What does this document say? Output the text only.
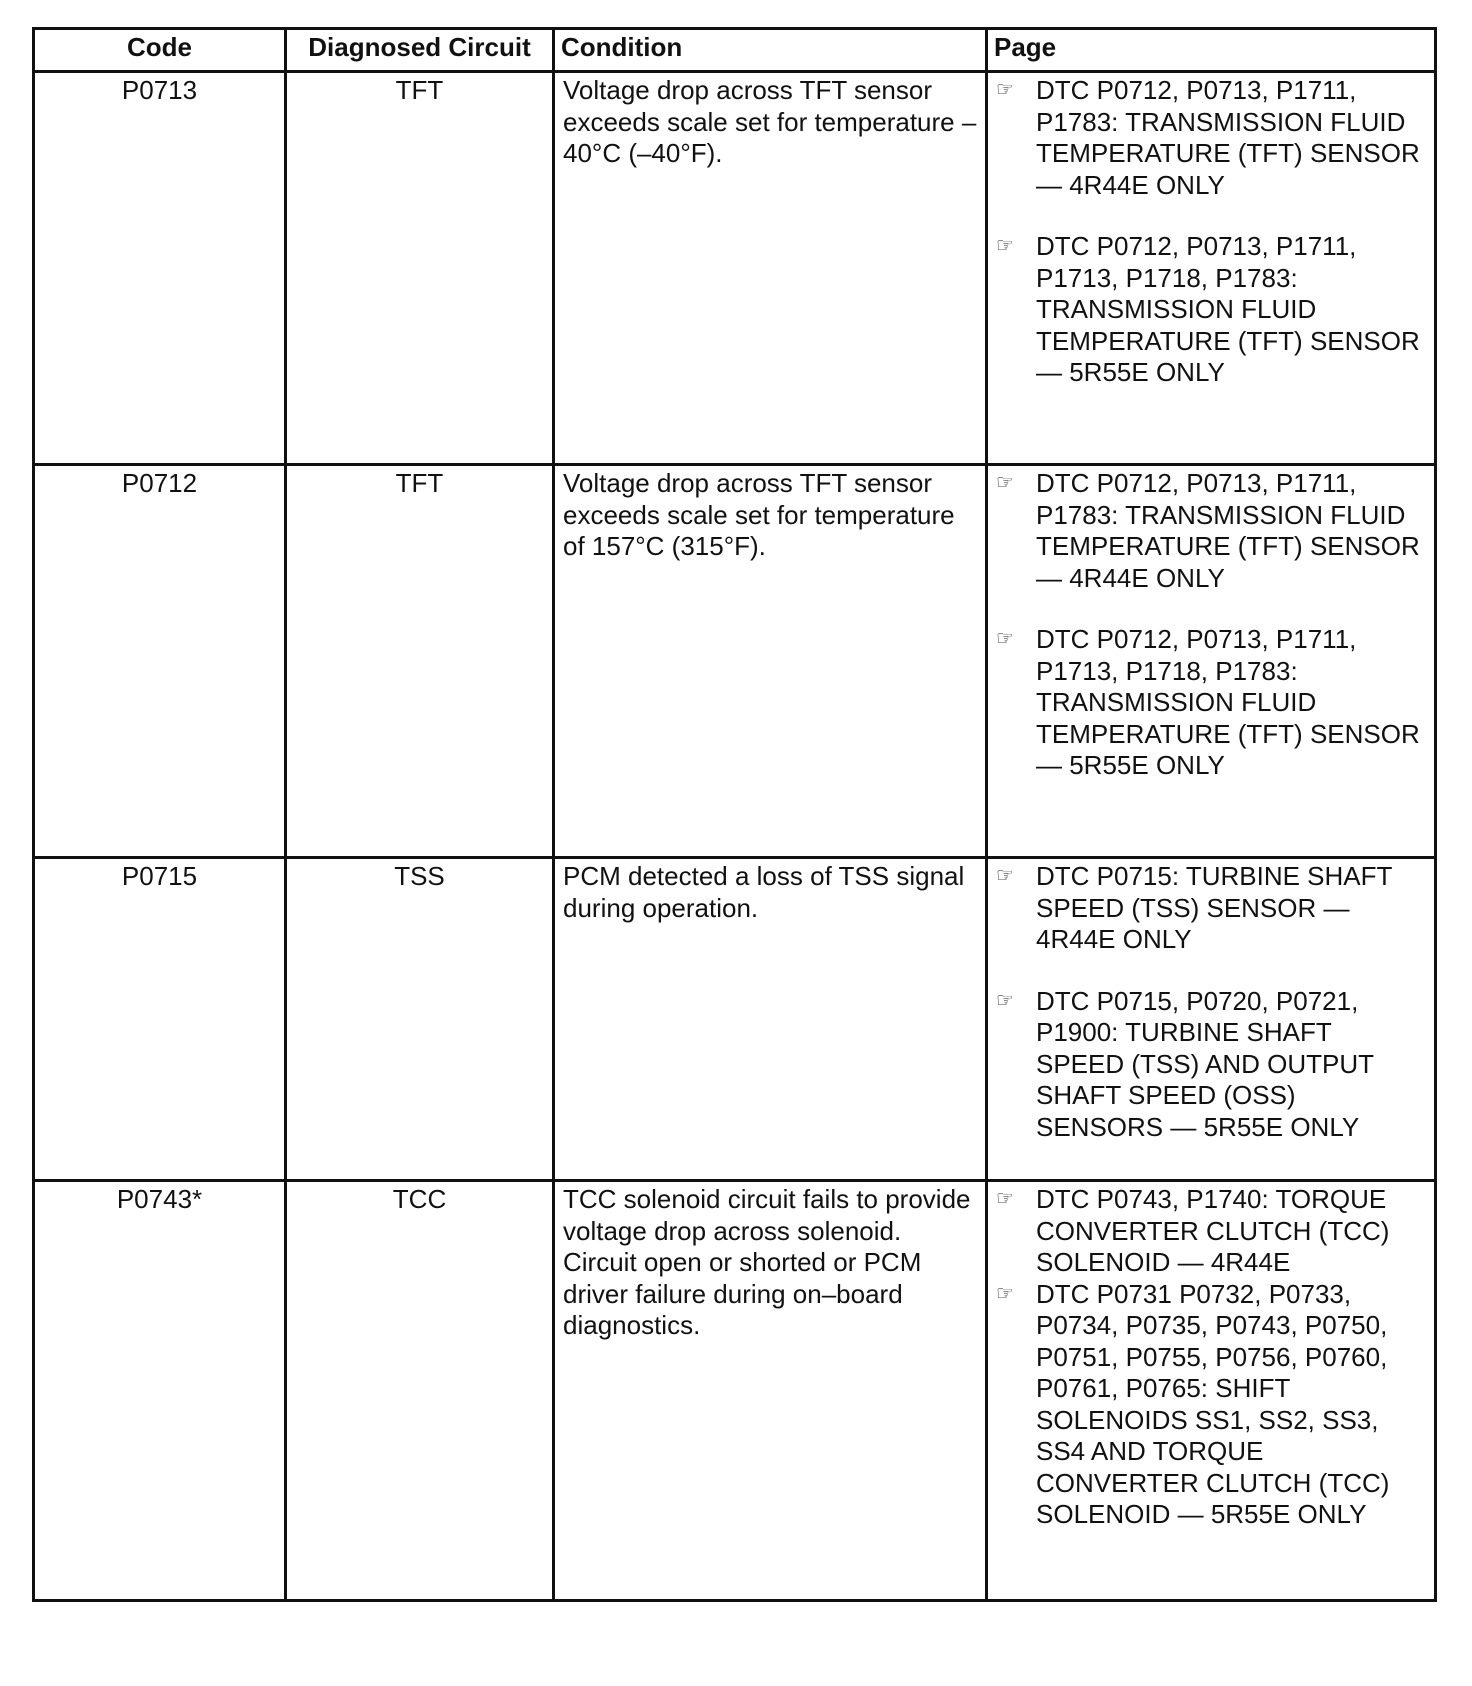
Code	Diagnosed Circuit	Condition	Page
P0713	TFT	Voltage drop across TFT sensor exceeds scale set for temperature –40°C (–40°F).	☞ DTC P0712, P0713, P1711, P1783: TRANSMISSION FLUID TEMPERATURE (TFT) SENSOR — 4R44E ONLY
☞ DTC P0712, P0713, P1711, P1713, P1718, P1783: TRANSMISSION FLUID TEMPERATURE (TFT) SENSOR — 5R55E ONLY

P0712	TFT	Voltage drop across TFT sensor exceeds scale set for temperature of 157°C (315°F).	☞ DTC P0712, P0713, P1711, P1783: TRANSMISSION FLUID TEMPERATURE (TFT) SENSOR — 4R44E ONLY
☞ DTC P0712, P0713, P1711, P1713, P1718, P1783: TRANSMISSION FLUID TEMPERATURE (TFT) SENSOR — 5R55E ONLY

P0715	TSS	PCM detected a loss of TSS signal during operation.	☞ DTC P0715: TURBINE SHAFT SPEED (TSS) SENSOR — 4R44E ONLY
☞ DTC P0715, P0720, P0721, P1900: TURBINE SHAFT SPEED (TSS) AND OUTPUT SHAFT SPEED (OSS) SENSORS — 5R55E ONLY

P0743*	TCC	TCC solenoid circuit fails to provide voltage drop across solenoid. Circuit open or shorted or PCM driver failure during on–board diagnostics.	☞ DTC P0743, P1740: TORQUE CONVERTER CLUTCH (TCC) SOLENOID — 4R44E
☞ DTC P0731 P0732, P0733, P0734, P0735, P0743, P0750, P0751, P0755, P0756, P0760, P0761, P0765: SHIFT SOLENOIDS SS1, SS2, SS3, SS4 AND TORQUE CONVERTER CLUTCH (TCC) SOLENOID — 5R55E ONLY
